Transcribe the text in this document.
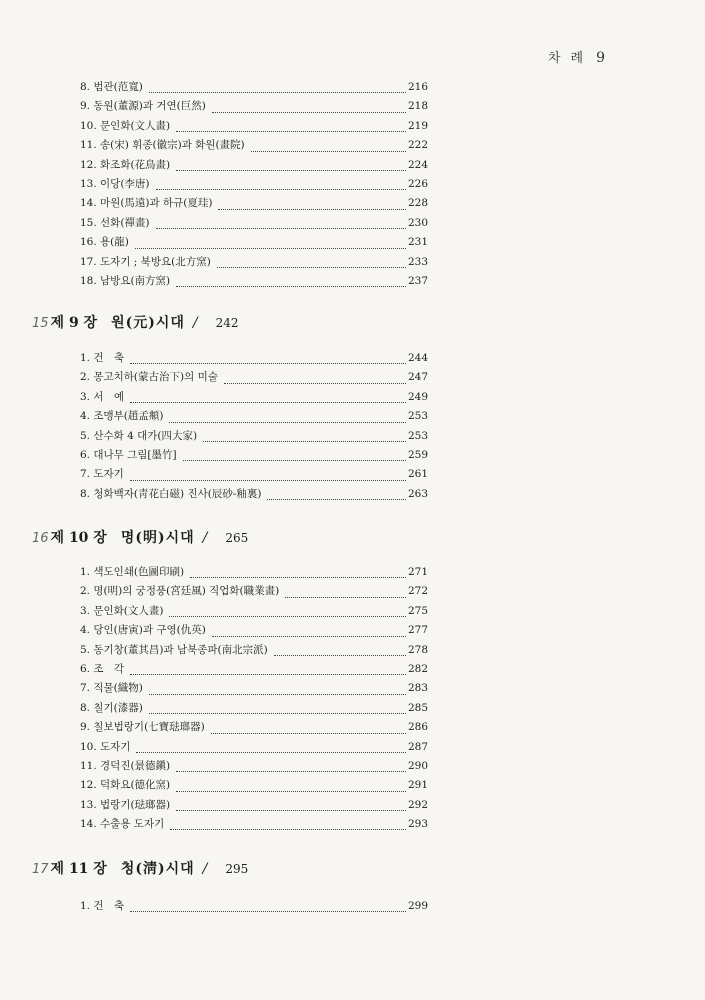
차 례 9
8. 범관(范寬)	216
9. 동원(董源)과 거연(巨然)	218
10. 문인화(文人畫)	219
11. 송(宋) 휘종(徽宗)과 화원(畫院)	222
12. 화조화(花鳥畫)	224
13. 이당(李唐)	226
14. 마원(馬遠)과 하규(夏珪)	228
15. 선화(禪畫)	230
16. 용(龍)	231
17. 도자기 ; 북방요(北方窯)	233
18. 남방요(南方窯)	237
15 제 9 장 원(元)시대 / 242
1. 건　축	244
2. 몽고치하(蒙古治下)의 미술	247
3. 서　예	249
4. 조맹부(趙孟頫)	253
5. 산수화 4 대가(四大家)	253
6. 대나무 그림[墨竹]	259
7. 도자기	261
8. 청화백자(靑花白磁) 진사(辰砂-釉裏)	263
16 제 10 장 명(明)시대 / 265
1. 색도인쇄(色圖印刷)	271
2. 명(明)의 궁정풍(宮廷風) 직업화(職業畫)	272
3. 문인화(文人畫)	275
4. 당인(唐寅)과 구영(仇英)	277
5. 동기창(董其昌)과 남북종파(南北宗派)	278
6. 조　각	282
7. 직물(織物)	283
8. 칠기(漆器)	285
9. 칠보법랑기(七寶琺瑯器)	286
10. 도자기	287
11. 경덕진(景德鎭)	290
12. 덕화요(德化窯)	291
13. 법랑기(琺瑯器)	292
14. 수출용 도자기	293
17 제 11 장 청(淸)시대 / 295
1. 건　축	299
